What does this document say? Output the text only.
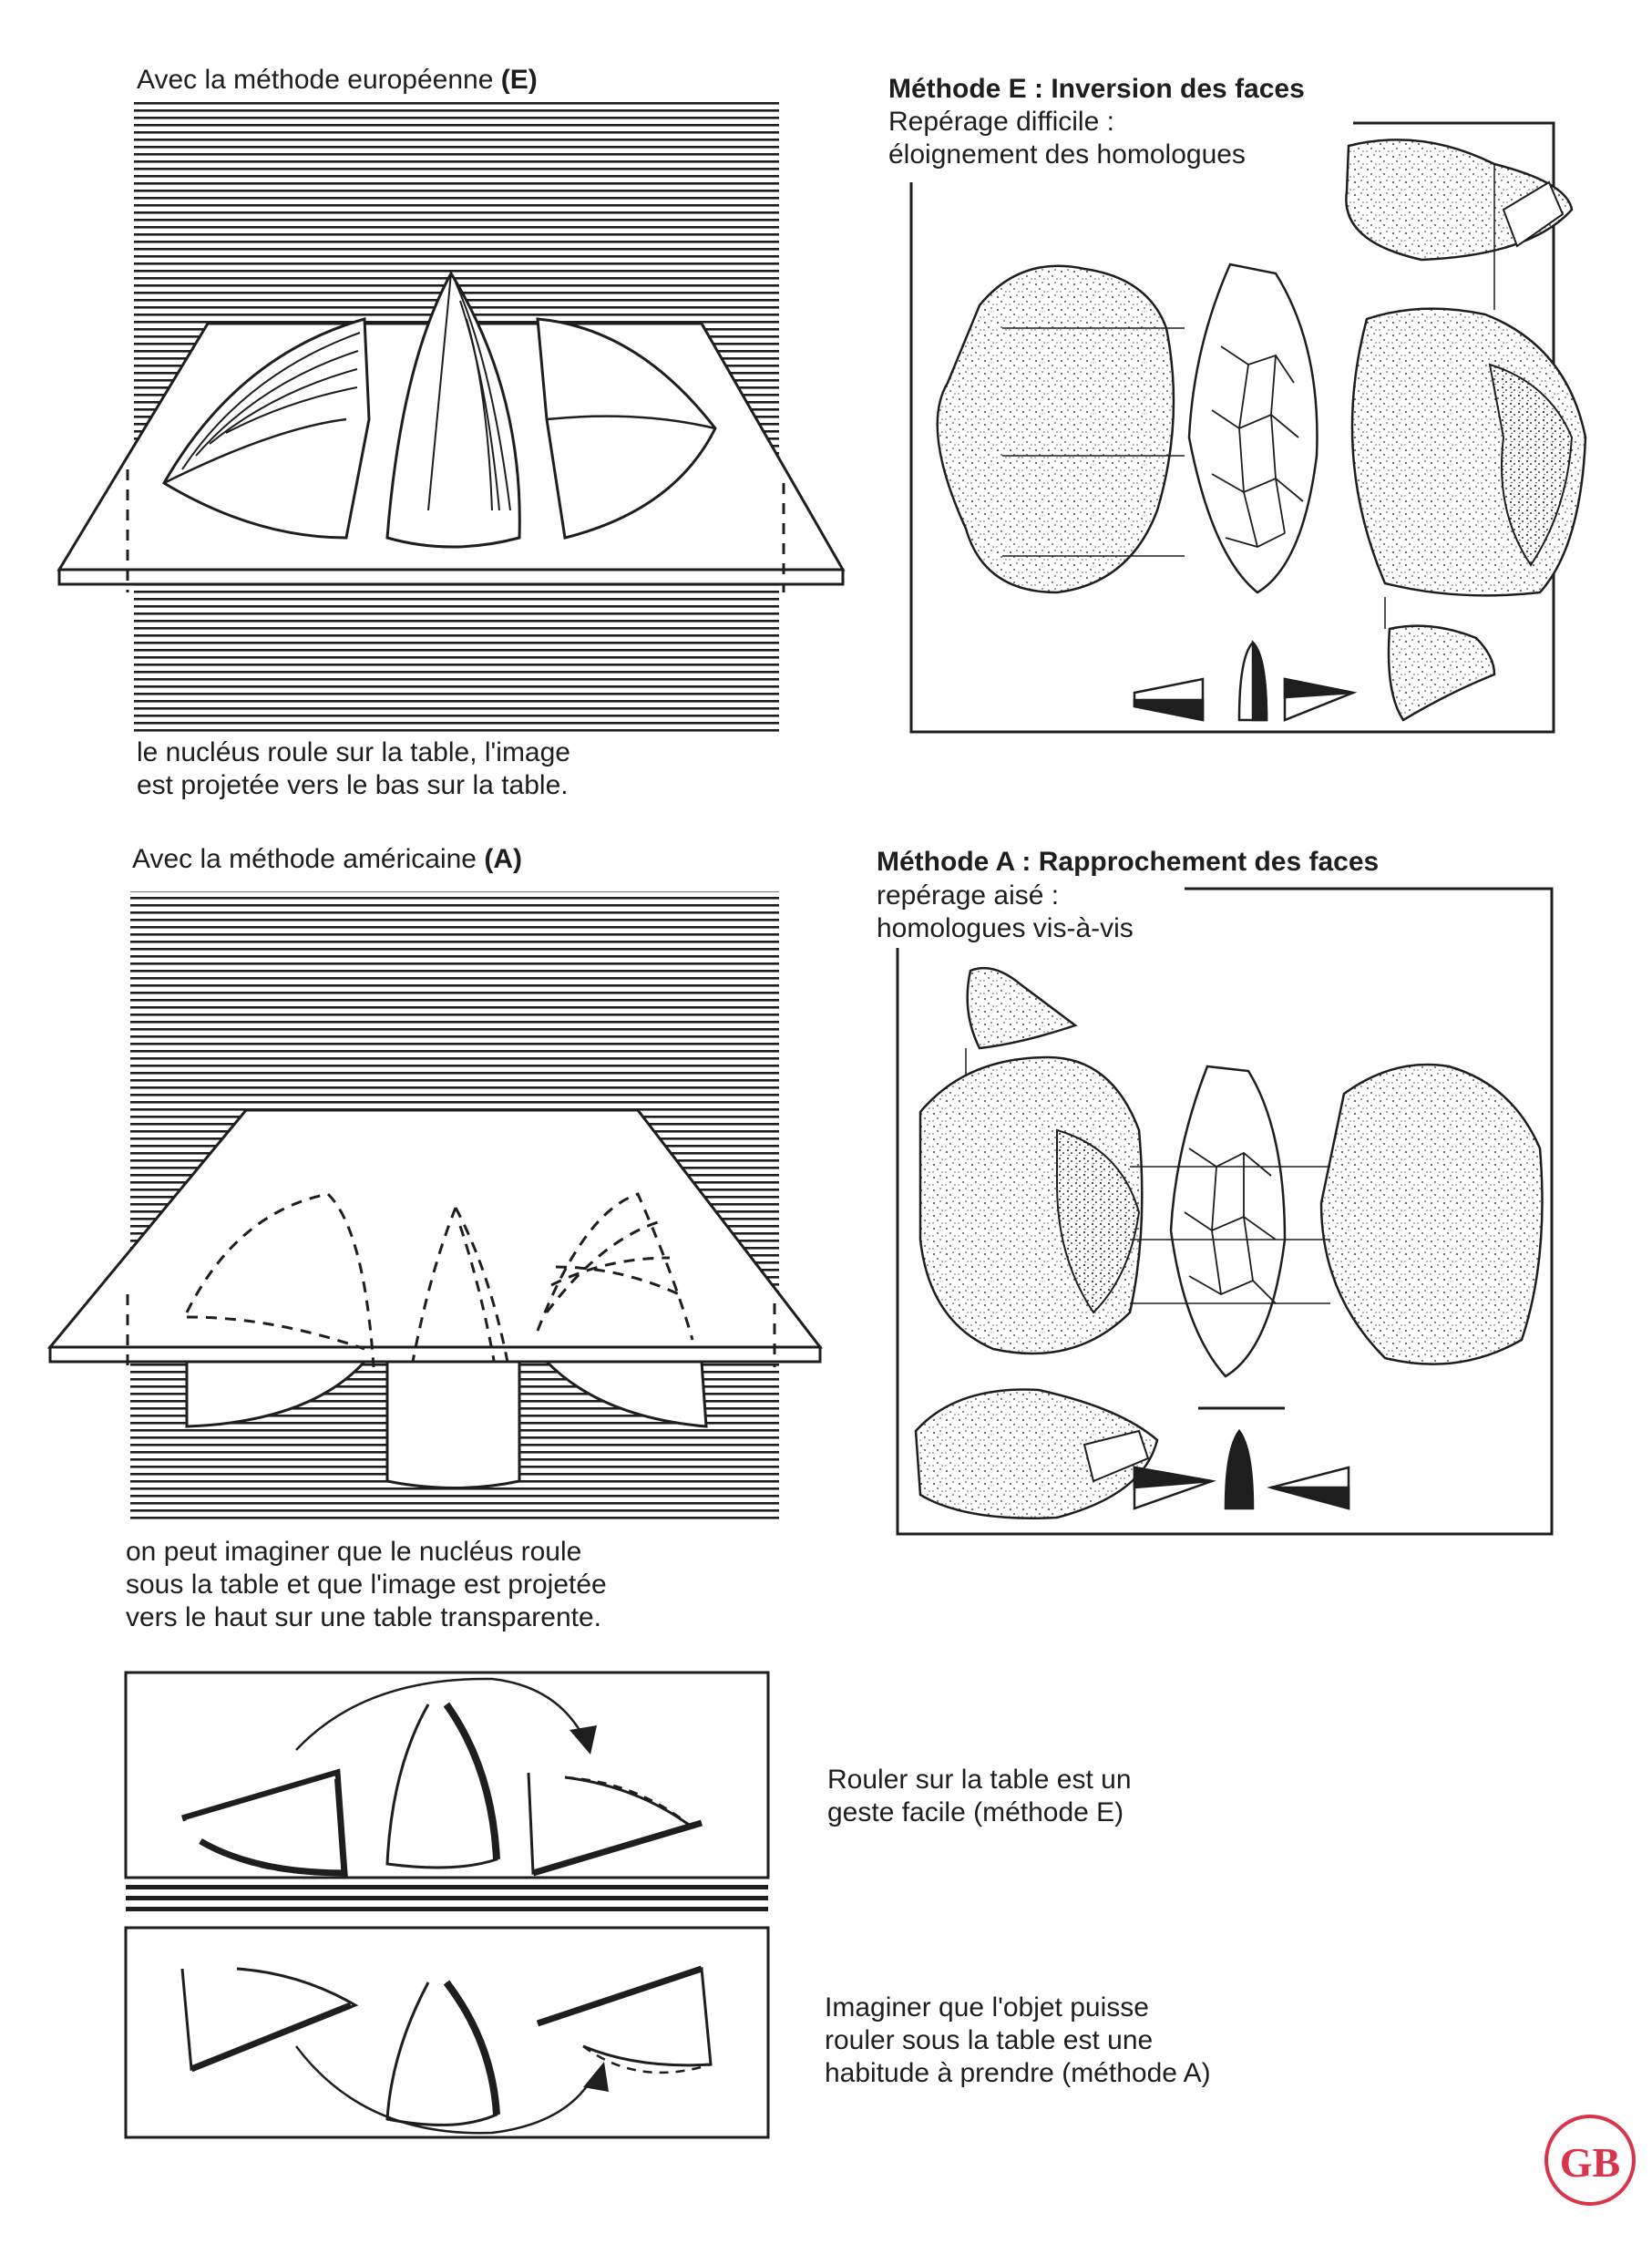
GB
Avec la méthode européenne (E)
le nucléus roule sur la table, l'image
est projetée vers le bas sur la table.
Méthode E : Inversion des faces
Repérage difficile :
éloignement des homologues
Avec la méthode américaine (A)
on peut imaginer que le nucléus roule
sous la table et que l'image est projetée
vers le haut sur une table transparente.
Méthode A : Rapprochement des faces
repérage aisé :
homologues vis-à-vis
Rouler sur la table est un
geste facile (méthode E)
Imaginer que l'objet puisse
rouler sous la table est une
habitude à prendre (méthode A)
